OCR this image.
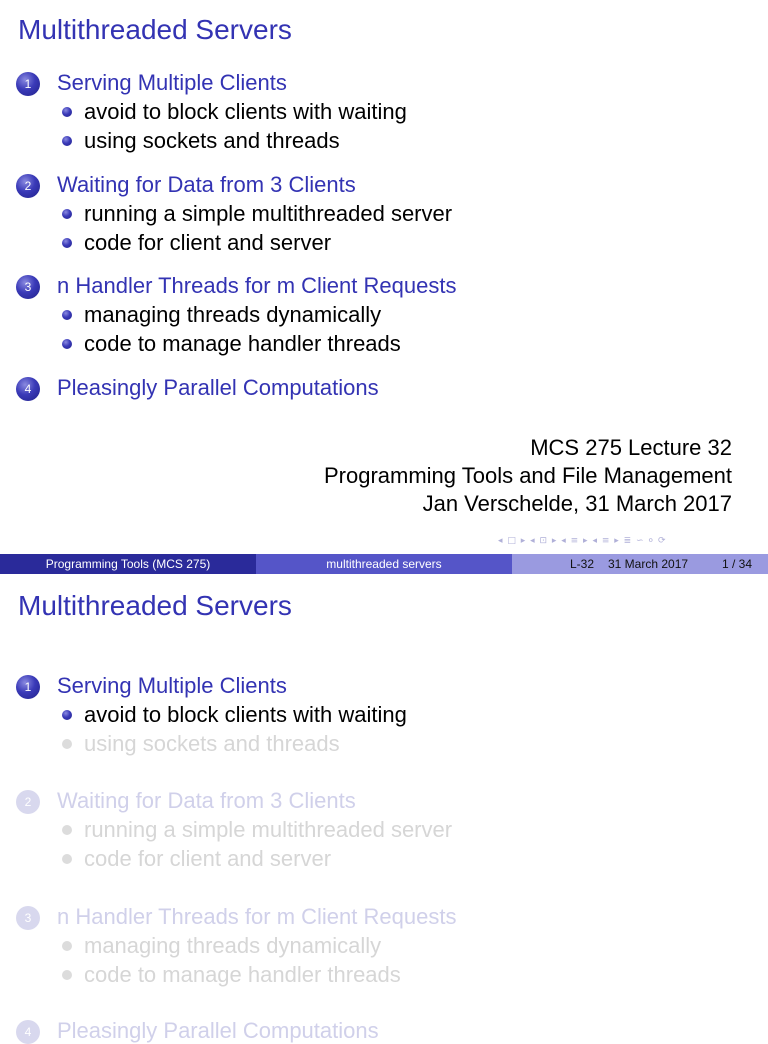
Multithreaded Servers
1	Serving Multiple Clients
avoid to block clients with waiting
using sockets and threads
2	Waiting for Data from 3 Clients
running a simple multithreaded server
code for client and server
3	n Handler Threads for m Client Requests
managing threads dynamically
code to manage handler threads
4	Pleasingly Parallel Computations
MCS 275 Lecture 32
Programming Tools and File Management
Jan Verschelde, 31 March 2017
◂ □ ▸ ◂ ⊡ ▸ ◂ ≡ ▸ ◂ ≡ ▸ ≣ ∽ ० ⟳
Programming Tools (MCS 275)	multithreaded servers	L-32 31 March 2017	1 / 34
Multithreaded Servers
1	Serving Multiple Clients
avoid to block clients with waiting
using sockets and threads
2	Waiting for Data from 3 Clients
running a simple multithreaded server
code for client and server
3	n Handler Threads for m Client Requests
managing threads dynamically
code to manage handler threads
4	Pleasingly Parallel Computations
